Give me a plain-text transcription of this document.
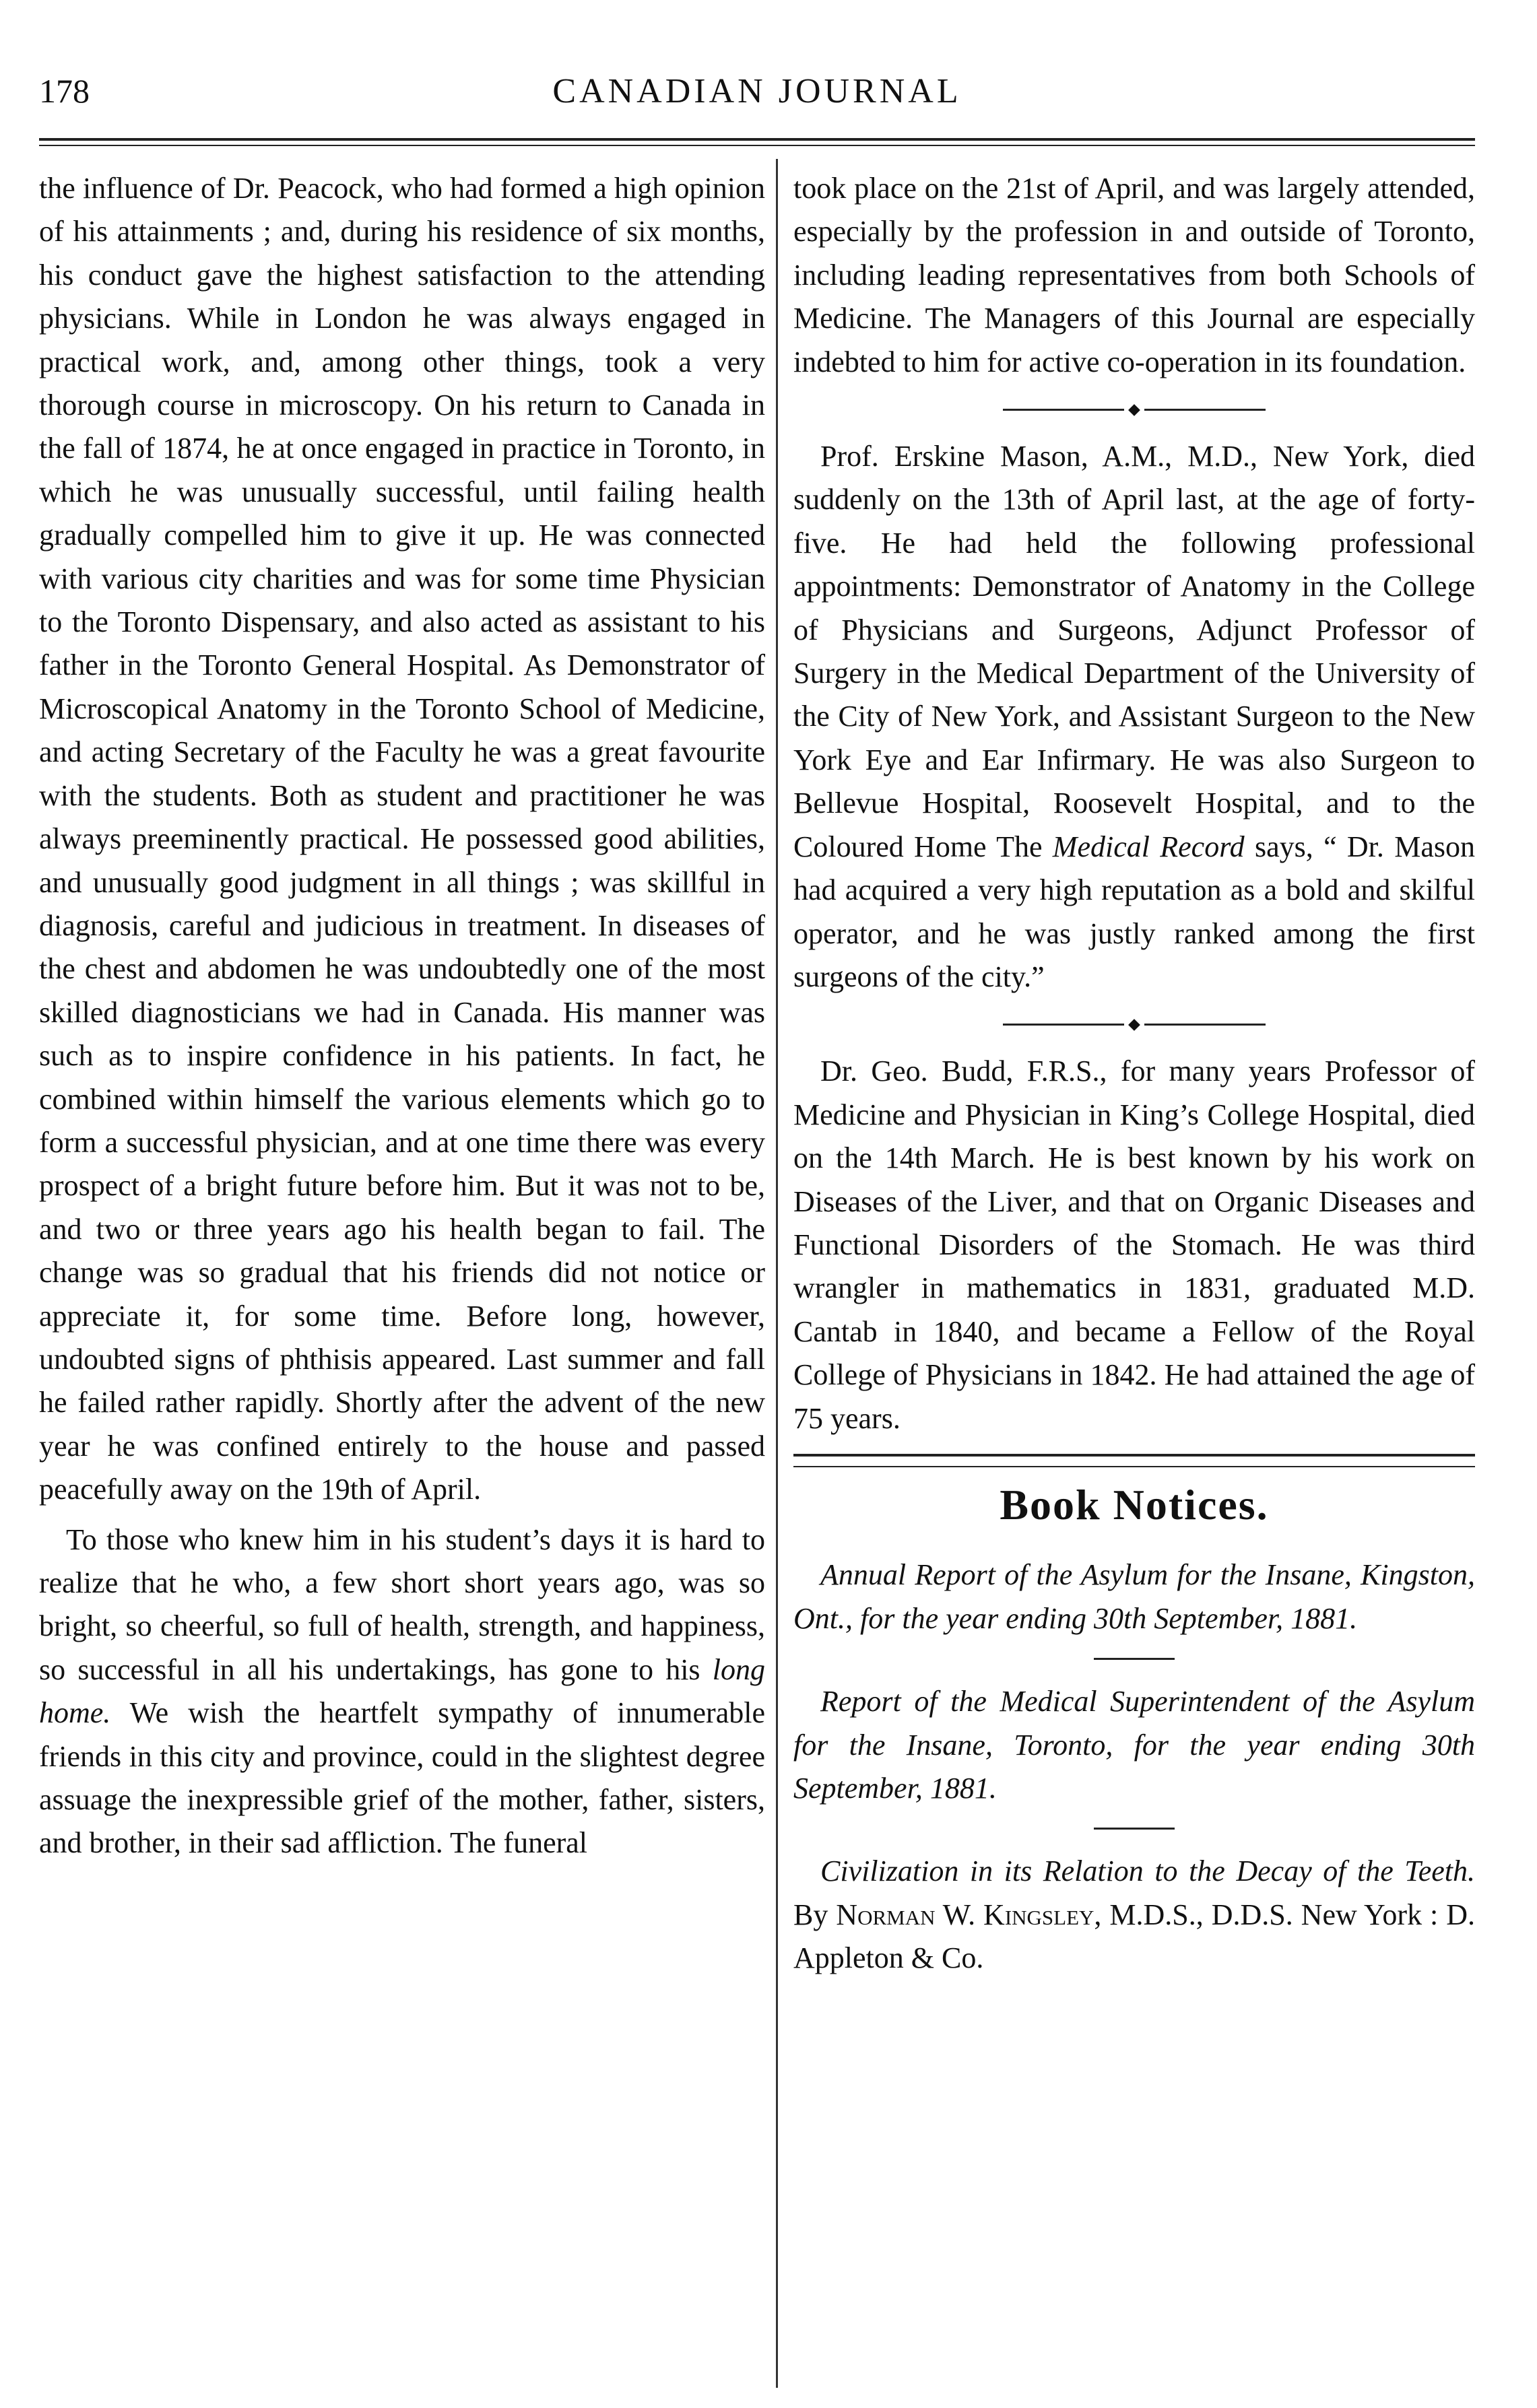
178	CANADIAN JOURNAL

the influence of Dr. Peacock, who had formed a high opinion of his attainments ; and, during his residence of six months, his conduct gave the highest satisfaction to the attending physicians. While in London he was always engaged in practical work, and, among other things, took a very thorough course in microscopy. On his return to Canada in the fall of 1874, he at once engaged in practice in Toronto, in which he was unusually successful, until failing health gradually compelled him to give it up. He was connected with various city charities and was for some time Physician to the Toronto Dispensary, and also acted as assistant to his father in the Toronto General Hospital. As Demonstrator of Microscopical Anatomy in the Toronto School of Medicine, and acting Secretary of the Faculty he was a great favourite with the students. Both as student and practitioner he was always preeminently practical. He possessed good abilities, and unusually good judgment in all things ; was skillful in diagnosis, careful and judicious in treatment. In diseases of the chest and abdomen he was undoubtedly one of the most skilled diagnosticians we had in Canada. His manner was such as to inspire confidence in his patients. In fact, he combined within himself the various elements which go to form a successful physician, and at one time there was every prospect of a bright future before him. But it was not to be, and two or three years ago his health began to fail. The change was so gradual that his friends did not notice or appreciate it, for some time. Before long, however, undoubted signs of phthisis appeared. Last summer and fall he failed rather rapidly. Shortly after the advent of the new year he was confined entirely to the house and passed peacefully away on the 19th of April.

To those who knew him in his student’s days it is hard to realize that he who, a few short short years ago, was so bright, so cheerful, so full of health, strength, and happiness, so successful in all his undertakings, has gone to his long home. We wish the heartfelt sympathy of innumerable friends in this city and province, could in the slightest degree assuage the inexpressible grief of the mother, father, sisters, and brother, in their sad affliction. The funeral

took place on the 21st of April, and was largely attended, especially by the profession in and outside of Toronto, including leading representatives from both Schools of Medicine. The Managers of this Journal are especially indebted to him for active co-operation in its foundation.

⬥

Prof. Erskine Mason, A.M., M.D., New York, died suddenly on the 13th of April last, at the age of forty-five. He had held the following professional appointments: Demonstrator of Anatomy in the College of Physicians and Surgeons, Adjunct Professor of Surgery in the Medical Department of the University of the City of New York, and Assistant Surgeon to the New York Eye and Ear Infirmary. He was also Surgeon to Bellevue Hospital, Roosevelt Hospital, and to the Coloured Home The Medical Record says, “ Dr. Mason had acquired a very high reputation as a bold and skilful operator, and he was justly ranked among the first surgeons of the city.”

⬥

Dr. Geo. Budd, F.R.S., for many years Professor of Medicine and Physician in King’s College Hospital, died on the 14th March. He is best known by his work on Diseases of the Liver, and that on Organic Diseases and Functional Disorders of the Stomach. He was third wrangler in mathematics in 1831, graduated M.D. Cantab in 1840, and became a Fellow of the Royal College of Physicians in 1842. He had attained the age of 75 years.

Book Notices.

Annual Report of the Asylum for the Insane, Kingston, Ont., for the year ending 30th September, 1881.

Report of the Medical Superintendent of the Asylum for the Insane, Toronto, for the year ending 30th September, 1881.

Civilization in its Relation to the Decay of the Teeth. By Norman W. Kingsley, M.D.S., D.D.S. New York : D. Appleton & Co.
